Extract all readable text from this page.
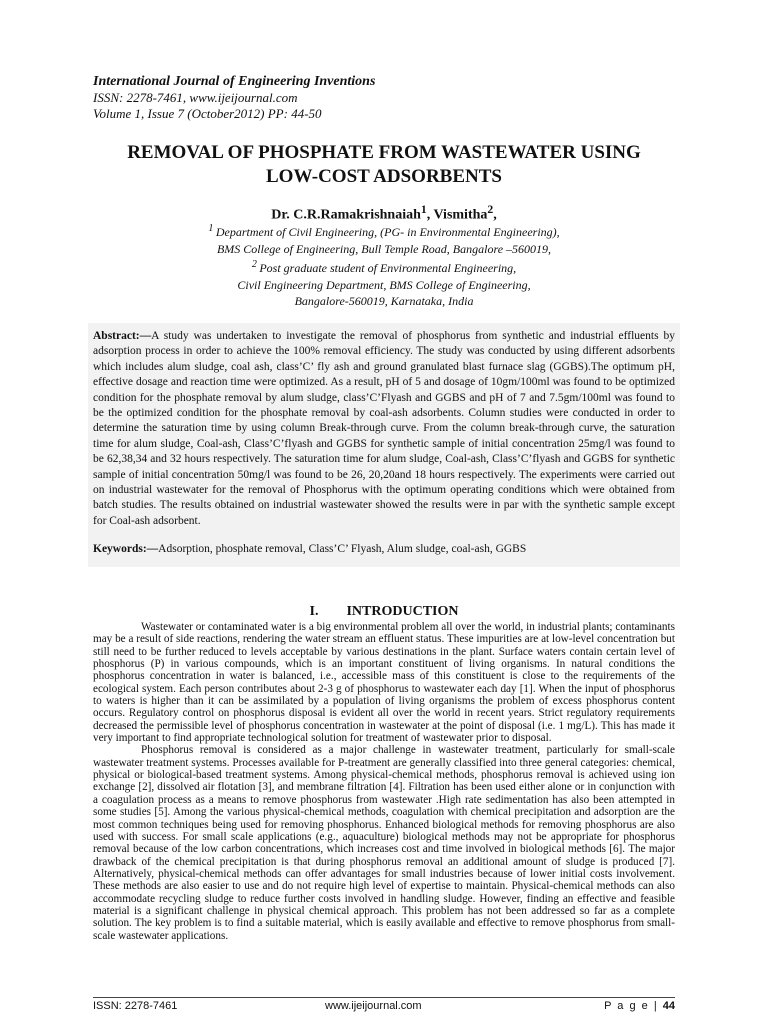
International Journal of Engineering Inventions
ISSN: 2278-7461, www.ijeijournal.com
Volume 1, Issue 7 (October2012) PP: 44-50
REMOVAL OF PHOSPHATE FROM WASTEWATER USING
LOW-COST ADSORBENTS
Dr. C.R.Ramakrishnaiah$^1$, Vismitha$^2$,
$^1$ Department of Civil Engineering, (PG- in Environmental Engineering),
BMS College of Engineering, Bull Temple Road, Bangalore –560019,
$^2$ Post graduate student of Environmental Engineering,
Civil Engineering Department, BMS College of Engineering,
Bangalore-560019, Karnataka, India
Abstract:—A study was undertaken to investigate the removal of phosphorus from synthetic and industrial effluents by adsorption process in order to achieve the 100% removal efficiency. The study was conducted by using different adsorbents which includes alum sludge, coal ash, class’C’ fly ash and ground granulated blast furnace slag (GGBS).The optimum pH, effective dosage and reaction time were optimized. As a result, pH of 5 and dosage of 10gm/100ml was found to be optimized condition for the phosphate removal by alum sludge, class’C’Flyash and GGBS and pH of 7 and 7.5gm/100ml was found to be the optimized condition for the phosphate removal by coal-ash adsorbents. Column studies were conducted in order to determine the saturation time by using column Break-through curve. From the column break-through curve, the saturation time for alum sludge, Coal-ash, Class’C’flyash and GGBS for synthetic sample of initial concentration 25mg/l was found to be 62,38,34 and 32 hours respectively. The saturation time for alum sludge, Coal-ash, Class’C’flyash and GGBS for synthetic sample of initial concentration 50mg/l was found to be 26, 20,20and 18 hours respectively. The experiments were carried out on industrial wastewater for the removal of Phosphorus with the optimum operating conditions which were obtained from batch studies. The results obtained on industrial wastewater showed the results were in par with the synthetic sample except for Coal-ash adsorbent.
Keywords:—Adsorption, phosphate removal, Class’C’ Flyash, Alum sludge, coal-ash, GGBS
I. INTRODUCTION

Wastewater or contaminated water is a big environmental problem all over the world, in industrial plants; contaminants may be a result of side reactions, rendering the water stream an effluent status. These impurities are at low-level concentration but still need to be further reduced to levels acceptable by various destinations in the plant. Surface waters contain certain level of phosphorus (P) in various compounds, which is an important constituent of living organisms. In natural conditions the phosphorus concentration in water is balanced, i.e., accessible mass of this constituent is close to the requirements of the ecological system. Each person contributes about 2-3 g of phosphorus to wastewater each day [1]. When the input of phosphorus to waters is higher than it can be assimilated by a population of living organisms the problem of excess phosphorus content occurs. Regulatory control on phosphorus disposal is evident all over the world in recent years. Strict regulatory requirements decreased the permissible level of phosphorus concentration in wastewater at the point of disposal (i.e. 1 mg/L). This has made it very important to find appropriate technological solution for treatment of wastewater prior to disposal.

Phosphorus removal is considered as a major challenge in wastewater treatment, particularly for small-scale wastewater treatment systems. Processes available for P-treatment are generally classified into three general categories: chemical, physical or biological-based treatment systems. Among physical-chemical methods, phosphorus removal is achieved using ion exchange [2], dissolved air flotation [3], and membrane filtration [4]. Filtration has been used either alone or in conjunction with a coagulation process as a means to remove phosphorus from wastewater .High rate sedimentation has also been attempted in some studies [5]. Among the various physical-chemical methods, coagulation with chemical precipitation and adsorption are the most common techniques being used for removing phosphorus. Enhanced biological methods for removing phosphorus are also used with success. For small scale applications (e.g., aquaculture) biological methods may not be appropriate for phosphorus removal because of the low carbon concentrations, which increases cost and time involved in biological methods [6]. The major drawback of the chemical precipitation is that during phosphorus removal an additional amount of sludge is produced [7]. Alternatively, physical-chemical methods can offer advantages for small industries because of lower initial costs involvement. These methods are also easier to use and do not require high level of expertise to maintain. Physical-chemical methods can also accommodate recycling sludge to reduce further costs involved in handling sludge. However, finding an effective and feasible material is a significant challenge in physical chemical approach. This problem has not been addressed so far as a complete solution. The key problem is to find a suitable material, which is easily available and effective to remove phosphorus from small-scale wastewater applications.

ISSN: 2278-7461	www.ijeijournal.com	P a g e | 44
